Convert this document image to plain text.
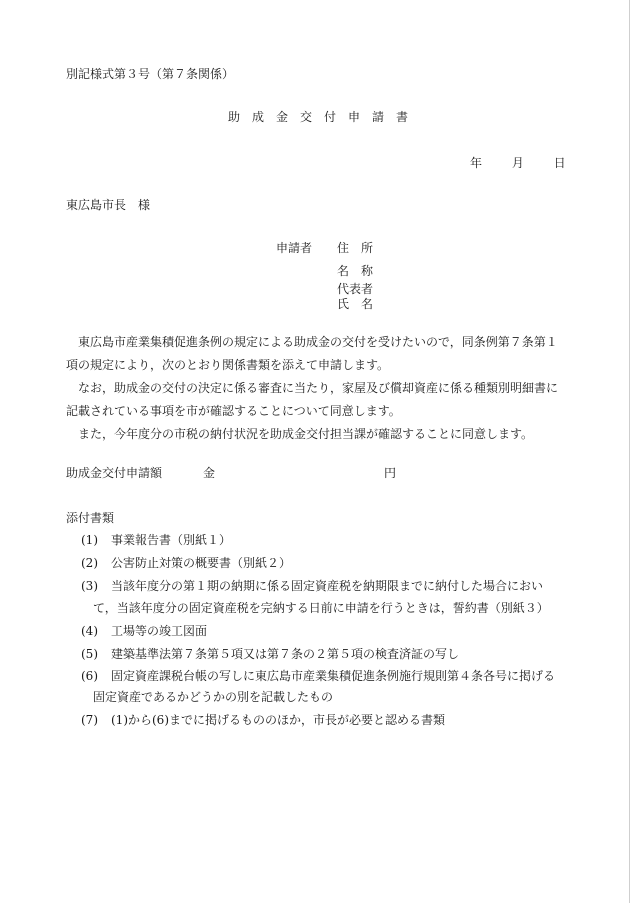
別記様式第３号（第７条関係）
助成金交付申請書
年 月 日
東広島市長　様
申請者 住　所
名　称
代表者
氏　名
東広島市産業集積促進条例の規定による助成金の交付を受けたいので，同条例第７条第１
項の規定により，次のとおり関係書類を添えて申請します。
なお，助成金の交付の決定に係る審査に当たり，家屋及び償却資産に係る種類別明細書に
記載されている事項を市が確認することについて同意します。
また，今年度分の市税の納付状況を助成金交付担当課が確認することに同意します。
助成金交付申請額	金	円
添付書類
(1) 事業報告書（別紙１）
(2) 公害防止対策の概要書（別紙２）
(3) 当該年度分の第１期の納期に係る固定資産税を納期限までに納付した場合におい
て，当該年度分の固定資産税を完納する日前に申請を行うときは，誓約書（別紙３）
(4) 工場等の竣工図面
(5) 建築基準法第７条第５項又は第７条の２第５項の検査済証の写し
(6) 固定資産課税台帳の写しに東広島市産業集積促進条例施行規則第４条各号に掲げる
固定資産であるかどうかの別を記載したもの
(7) (1)から(6)までに掲げるもののほか，市長が必要と認める書類
